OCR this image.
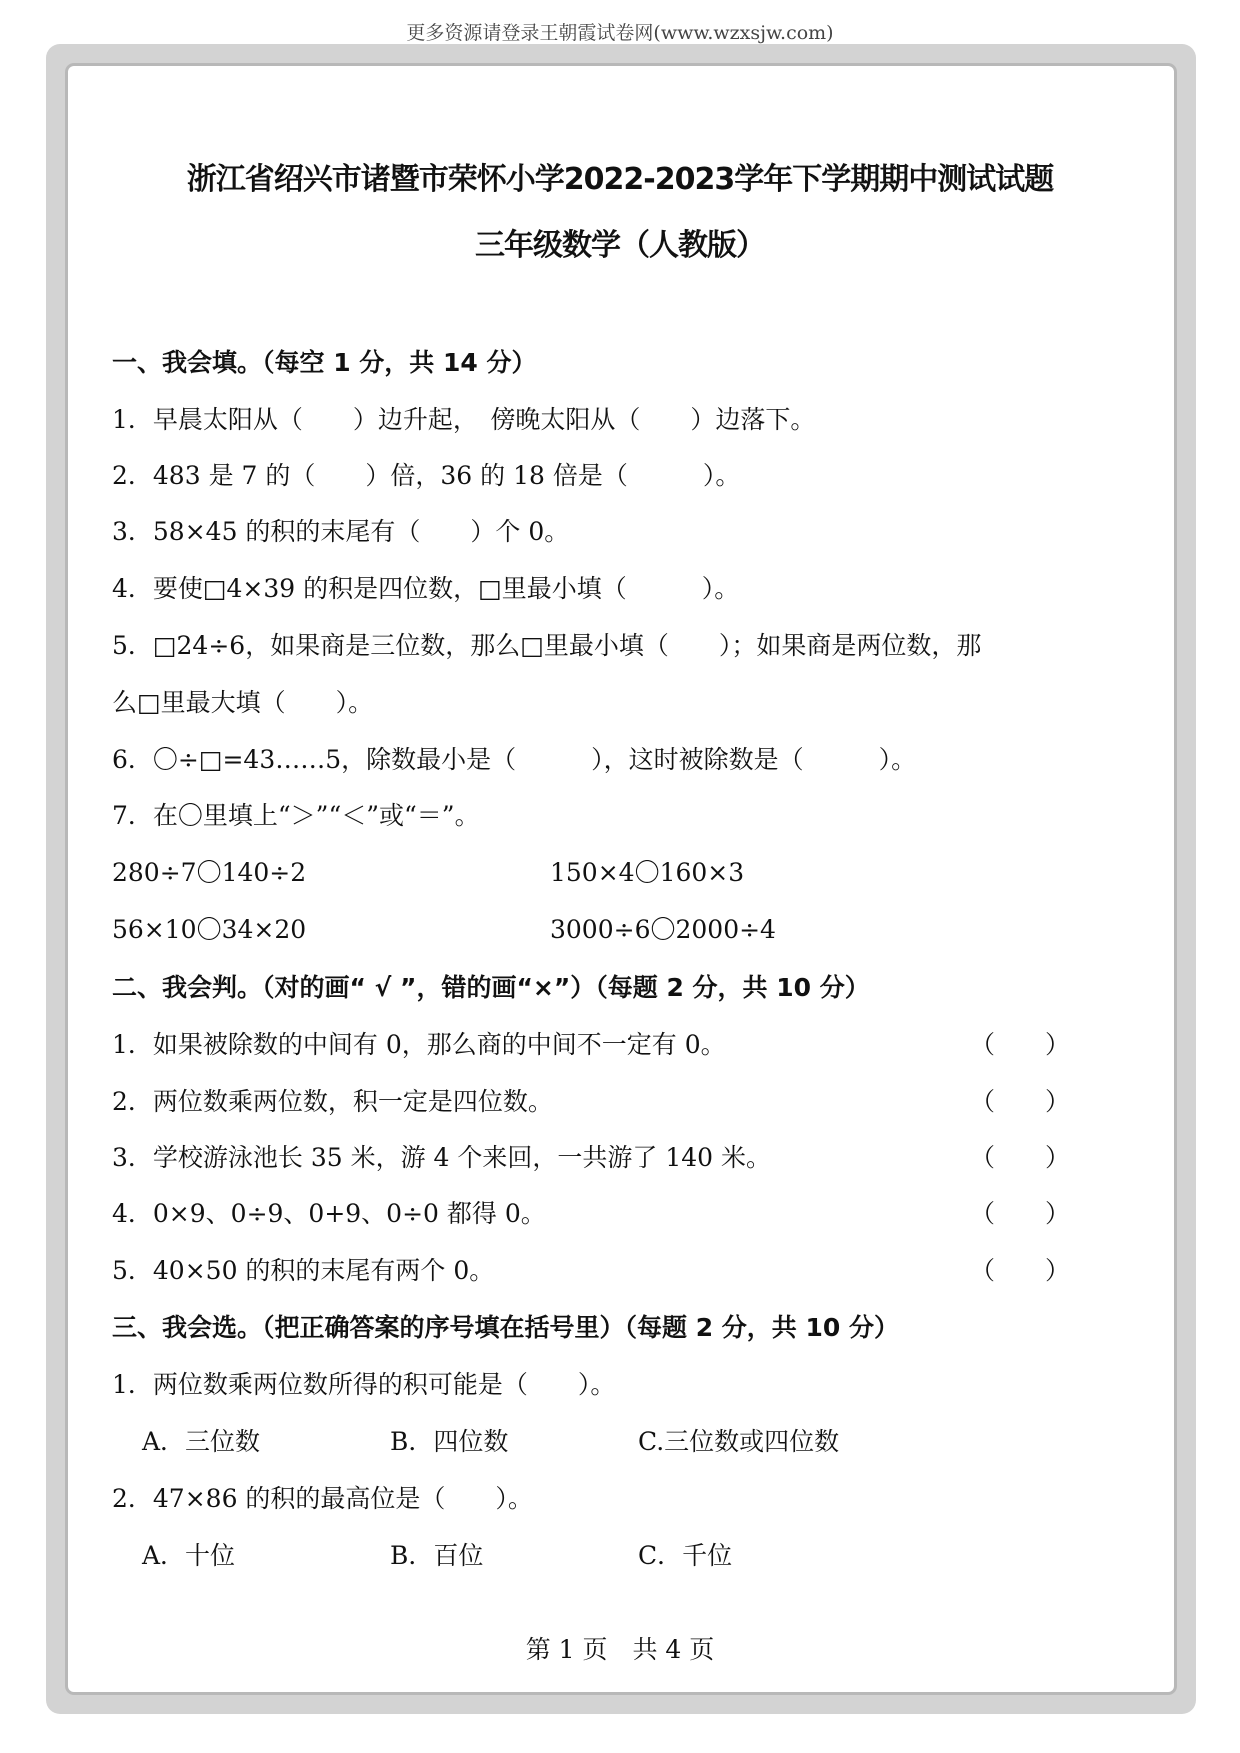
更多资源请登录王朝霞试卷网(www.wzxsjw.com)
浙江省绍兴市诸暨市荣怀小学2022-2023学年下学期期中测试试题
三年级数学（人教版）
一、我会填。（每空 1 分，共 14 分）
1．早晨太阳从（　　）边升起，　傍晚太阳从（　　）边落下。
2．483 是 7 的（　　）倍，36 的 18 倍是（　　　）。
3．58×45 的积的末尾有（　　）个 0。
4．要使□4×39 的积是四位数，□里最小填（　　　）。
5．□24÷6，如果商是三位数，那么□里最小填（　　）；如果商是两位数，那
么□里最大填（　　）。
6．〇÷□=43……5，除数最小是（　　　），这时被除数是（　　　）。
7．在〇里填上“＞”“＜”或“＝”。
280÷7〇140÷2	150×4〇160×3
56×10〇34×20	3000÷6〇2000÷4
二、我会判。（对的画“ √ ”，错的画“×”）（每题 2 分，共 10 分）
1．如果被除数的中间有 0，那么商的中间不一定有 0。	（　　）
2．两位数乘两位数，积一定是四位数。	（　　）
3．学校游泳池长 35 米，游 4 个来回，一共游了 140 米。	（　　）
4．0×9、0÷9、0+9、0÷0 都得 0。	（　　）
5．40×50 的积的末尾有两个 0。	（　　）
三、我会选。（把正确答案的序号填在括号里）（每题 2 分，共 10 分）
1．两位数乘两位数所得的积可能是（　　）。
A．三位数	B．四位数	C.三位数或四位数
2．47×86 的积的最高位是（　　）。
A．十位	B．百位	C．千位
第 1 页　共 4 页
